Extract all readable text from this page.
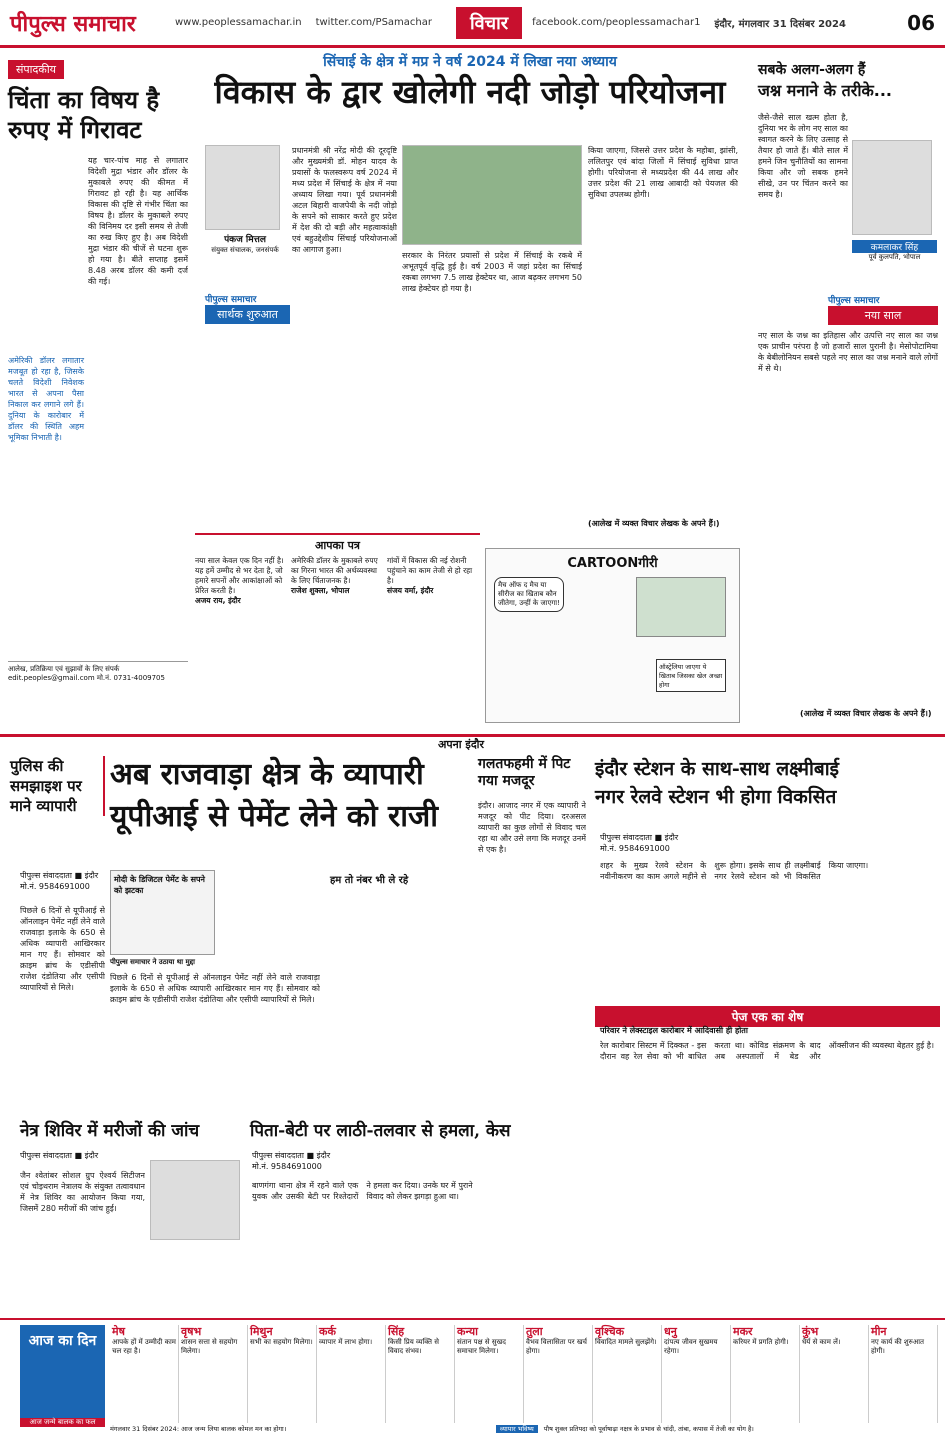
पीपुल्स समाचार	www.peoplessamachar.in twitter.com/PSamachar	विचार	facebook.com/peoplessamachar1 इंदौर, मंगलवार 31 दिसंबर 2024	06
संपादकीय
चिंता का विषय है रुपए में गिरावट
अमेरिकी डॉलर लगातार मजबूत हो रहा है, जिसके चलते विदेशी निवेशक भारत से अपना पैसा निकाल कर लगाने लगे हैं। दुनिया के कारोबार में डॉलर की स्थिति अहम भूमिका निभाती है।
यह चार-पांच माह से लगातार विदेशी मुद्रा भंडार और डॉलर के मुकाबले रुपए की कीमत में गिरावट हो रही है। यह आर्थिक विकास की दृष्टि से गंभीर चिंता का विषय है। डॉलर के मुकाबले रुपए की विनिमय दर इसी समय से तेजी का रुख किए हुए है। अब विदेशी मुद्रा भंडार की चीजें से घटना शुरू हो गया है। बीते सप्ताह इसमें 8.48 अरब डॉलर की कमी दर्ज की गई।
आलेख, प्रतिक्रिया एवं सुझावों के लिए संपर्क edit.peoples@gmail.com मो.नं. 0731-4009705
सिंचाई के क्षेत्र में मप्र ने वर्ष 2024 में लिखा नया अध्याय
विकास के द्वार खोलेगी नदी जोड़ो परियोजना
पंकज मित्तल
संयुक्त संचालक, जनसंपर्क
पीपुल्स समाचार
सार्थक शुरुआत
प्रधानमंत्री श्री नरेंद्र मोदी की दूरदृष्टि और मुख्यमंत्री डॉ. मोहन यादव के प्रयासों के फलस्वरूप वर्ष 2024 में मध्य प्रदेश में सिंचाई के क्षेत्र में नया अध्याय लिखा गया। पूर्व प्रधानमंत्री अटल बिहारी वाजपेयी के नदी जोड़ो के सपने को साकार करते हुए प्रदेश में देश की दो बड़ी और महत्वाकांक्षी एवं बहुउद्देशीय सिंचाई परियोजनाओं का आगाज हुआ।
सरकार के निरंतर प्रयासों से प्रदेश में सिंचाई के रकबे में अभूतपूर्व वृद्धि हुई है। वर्ष 2003 में जहां प्रदेश का सिंचाई रकबा लगभग 7.5 लाख हेक्टेयर था, आज बढ़कर लगभग 50 लाख हेक्टेयर हो गया है।
किया जाएगा, जिससे उत्तर प्रदेश के महोबा, झांसी, ललितपुर एवं बांदा जिलों में सिंचाई सुविधा प्राप्त होगी। परियोजना से मध्यप्रदेश की 44 लाख और उत्तर प्रदेश की 21 लाख आबादी को पेयजल की सुविधा उपलब्ध होगी।
(आलेख में व्यक्त विचार लेखक के अपने हैं।)
आपका पत्र
नया साल केवल एक दिन नहीं है। यह हमें उम्मीद से भर देता है, जो हमारे सपनों और आकांक्षाओं को प्रेरित करती है।
अजय राय, इंदौर
अमेरिकी डॉलर के मुकाबले रुपए का गिरना भारत की अर्थव्यवस्था के लिए चिंताजनक है।
राजेश शुक्ला, भोपाल
गांवों में विकास की नई रोशनी पहुंचाने का काम तेजी से हो रहा है।
संजय वर्मा, इंदौर
CARTOONगीरी
मैच ऑफ द मैच या सीरीज का खिताब कौन जीतेगा, उन्हीं के जाएगा!
ऑस्ट्रेलिया जाएगा ये खिताब जिसका खेल अच्छा होगा
सबके अलग-अलग हैं
जश्न मनाने के तरीके...
जैसे-जैसे साल खत्म होता है, दुनिया भर के लोग नए साल का स्वागत करने के लिए उत्साह से तैयार हो जाते हैं। बीते साल में हमने जिन चुनौतियों का सामना किया और जो सबक हमने सीखे, उन पर चिंतन करने का समय है।
कमलाकर सिंह
पूर्व कुलपति, भोपाल
पीपुल्स समाचार
नया साल
नए साल के जश्न का इतिहास और उत्पत्ति नए साल का जश्न एक प्राचीन परंपरा है जो हजारों साल पुरानी है। मेसोपोटामिया के बेबीलोनियन सबसे पहले नए साल का जश्न मनाने वाले लोगों में से थे।
(आलेख में व्यक्त विचार लेखक के अपने हैं।)
अपना इंदौर
पुलिस की समझाइश पर माने व्यापारी
अब राजवाड़ा क्षेत्र के व्यापारी
यूपीआई से पेमेंट लेने को राजी
पीपुल्स संवाददाता ■ इंदौर
मो.नं. 9584691000
पिछले 6 दिनों से यूपीआई से ऑनलाइन पेमेंट नहीं लेने वाले राजवाड़ा इलाके के 650 से अधिक व्यापारी आखिरकार मान गए हैं। सोमवार को क्राइम ब्रांच के एडीसीपी राजेश दंडोतिया और एसीपी व्यापारियों से मिले।
मोदी के डिजिटल पेमेंट के सपने को झटका
पीपुल्स समाचार ने उठाया था मुद्दा
पिछले 6 दिनों से यूपीआई से ऑनलाइन पेमेंट नहीं लेने वाले राजवाड़ा इलाके के 650 से अधिक व्यापारी आखिरकार मान गए हैं। सोमवार को क्राइम ब्रांच के एडीसीपी राजेश दंडोतिया और एसीपी व्यापारियों से मिले।
हम तो नंबर भी ले रहे
गलतफहमी में पिट गया मजदूर
इंदौर। आजाद नगर में एक व्यापारी ने मजदूर को पीट दिया। दरअसल व्यापारी का कुछ लोगों से विवाद चल रहा था और उसे लगा कि मजदूर उनमें से एक है।
इंदौर स्टेशन के साथ-साथ लक्ष्मीबाई
नगर रेलवे स्टेशन भी होगा विकसित
पीपुल्स संवाददाता ■ इंदौर
मो.नं. 9584691000
शहर के मुख्य रेलवे स्टेशन के नवीनीकरण का काम अगले महीने से शुरू होगा। इसके साथ ही लक्ष्मीबाई नगर रेलवे स्टेशन को भी विकसित किया जाएगा।
पेज एक का शेष
परिवार ने लेक्स्टाइल कारोबार में आदिवासी ही होता
रेल कारोबार सिस्टम में दिक्कत - इस दौरान वह रेल सेवा को भी बाधित करता था। कोविड संक्रमण के बाद अब अस्पतालों में बेड और ऑक्सीजन की व्यवस्था बेहतर हुई है।
नेत्र शिविर में मरीजों की जांच
पीपुल्स संवाददाता ■ इंदौर
जैन श्वेतांबर सोशल ग्रुप ऐश्वर्य सिटीजन एवं चोइथराम नेत्रालय के संयुक्त तत्वावधान में नेत्र शिविर का आयोजन किया गया, जिसमें 280 मरीजों की जांच हुई।
पिता-बेटी पर लाठी-तलवार से हमला, केस
पीपुल्स संवाददाता ■ इंदौर
मो.नं. 9584691000
बाणगंगा थाना क्षेत्र में रहने वाले एक युवक और उसकी बेटी पर रिश्तेदारों ने हमला कर दिया। उनके घर में पुराने विवाद को लेकर झगड़ा हुआ था।
आज का दिन
आज जन्मे बालक का फल
मेष
आपके हों में उम्मीदी काम चल रहा है।
वृषभ
शासन सत्ता से सहयोग मिलेगा।
मिथुन
सभी का सहयोग मिलेगा।
कर्क
व्यापार में लाभ होगा।
सिंह
किसी प्रिय व्यक्ति से विवाद संभव।
कन्या
संतान पक्ष से सुखद समाचार मिलेगा।
तुला
वैभव विलासिता पर खर्च होगा।
वृश्चिक
विवादित मामले सुलझेंगे।
धनु
दांपत्य जीवन सुखमय रहेगा।
मकर
करियर में प्रगति होगी।
कुंभ
धैर्य से काम लें।
मीन
नए कार्य की शुरुआत होगी।
मंगलवार 31 दिसंबर 2024: आज जन्म लिया बालक कोमल मन का होगा।	व्यापार भविष्य	पौष शुक्ल प्रतिपदा को पूर्वाषाढ़ा नक्षत्र के प्रभाव से चांदी, तांबा, कपास में तेजी का योग है।
